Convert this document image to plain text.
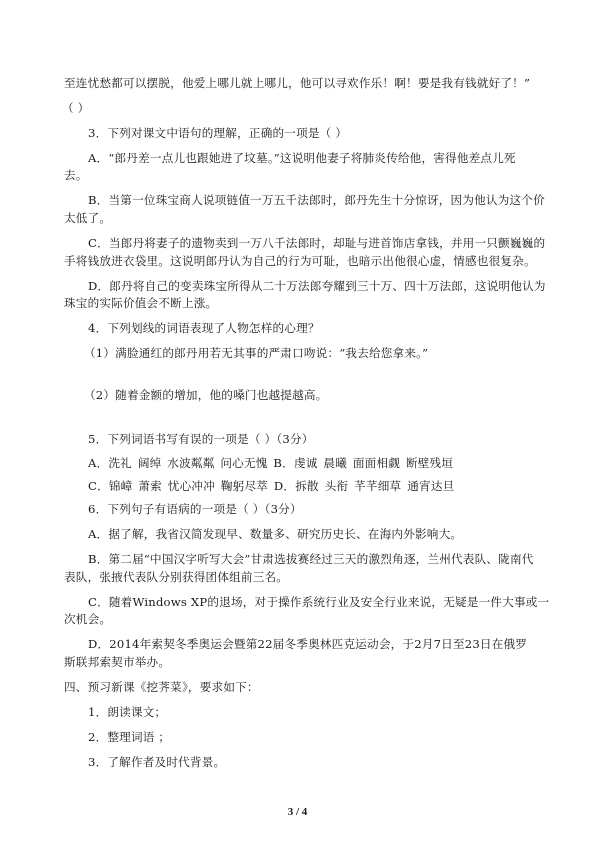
至连忧愁都可以摆脱，他爱上哪儿就上哪儿，他可以寻欢作乐！啊！要是我有钱就好了！”
（ ）
3．下列对课文中语句的理解，正确的一项是（ ）
A．“郎丹差一点儿也跟她进了坟墓。”这说明他妻子将肺炎传给他，害得他差点儿死
去。
B．当第一位珠宝商人说项链值一万五千法郎时，郎丹先生十分惊讶，因为他认为这个价
太低了。
C．当郎丹将妻子的遗物卖到一万八千法郎时，却耻与进首饰店拿钱，并用一只颤巍巍的
手将钱放进衣袋里。这说明郎丹认为自己的行为可耻，也暗示出他很心虚，情感也很复杂。
D．郎丹将自己的变卖珠宝所得从二十万法郎夸耀到三十万、四十万法郎，这说明他认为
珠宝的实际价值会不断上涨。
4．下列划线的词语表现了人物怎样的心理？
（1）满脸通红的郎丹用若无其事的严肃口吻说：“我去给您拿来。”
（2）随着金额的增加，他的嗓门也越提越高。
5．下列词语书写有误的一项是（ ）（3分）
A．洗礼 阔绰 水波粼粼 问心无愧 B．虔诚 晨曦 面面相觑 断壁残垣
C．锦嶂 萧索 忧心冲冲 鞠躬尽萃 D．拆散 头衔 芊芊细草 通宵达旦
6．下列句子有语病的一项是（ ）（3分）
A．据了解，我省汉简发现早、数量多、研究历史长、在海内外影响大。
B．第二届“中国汉字听写大会”甘肃选拔赛经过三天的激烈角逐，兰州代表队、陇南代
表队，张掖代表队分别获得团体组前三名。
C．随着Windows XP的退场，对于操作系统行业及安全行业来说，无疑是一件大事或一
次机会。
D．2014年索契冬季奥运会暨第22届冬季奥林匹克运动会，于2月7日至23日在俄罗
斯联邦索契市举办。
四、预习新课《挖荠菜》，要求如下：
1．朗读课文；
2．整理词语 ；
3．了解作者及时代背景。
3 / 4
